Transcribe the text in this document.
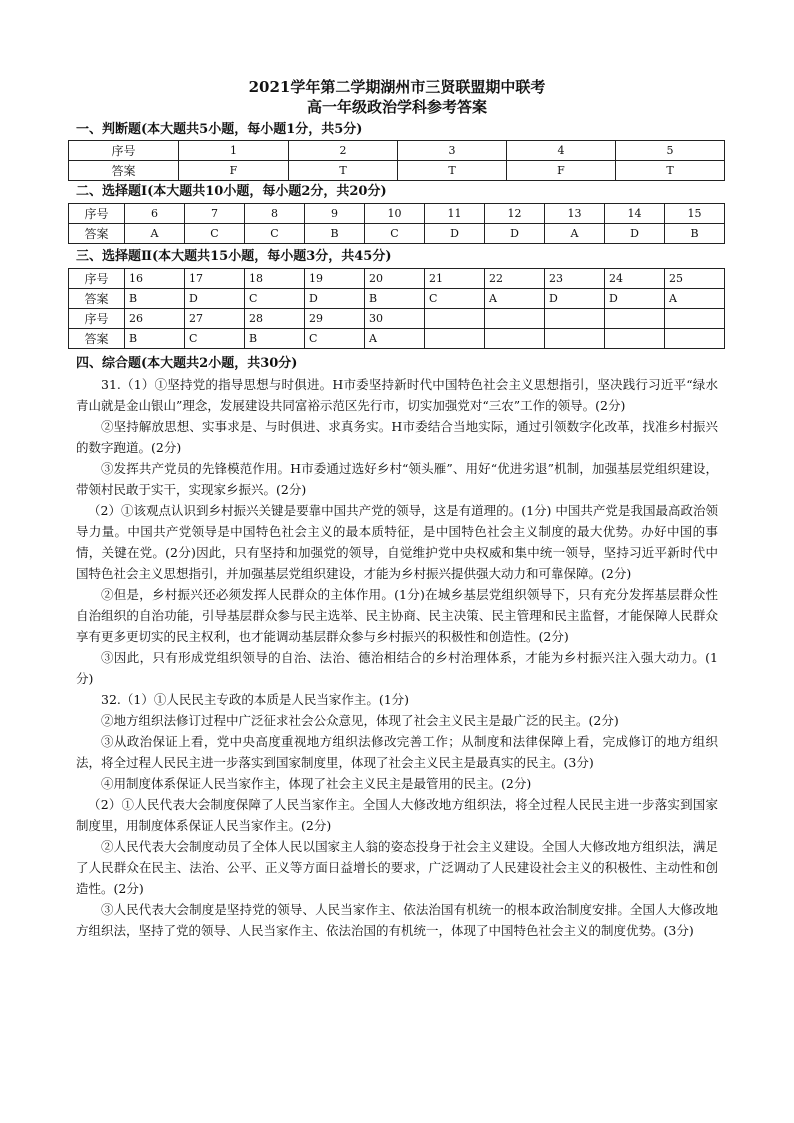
2021学年第二学期湖州市三贤联盟期中联考
高一年级政治学科参考答案
一、判断题(本大题共5小题，每小题1分，共5分)
序号	1	2	3	4	5
答案	F	T	T	F	T
二、选择题Ⅰ(本大题共10小题，每小题2分，共20分)
序号	6	7	8	9	10	11	12	13	14	15
答案	A	C	C	B	C	D	D	A	D	B
三、选择题Ⅱ(本大题共15小题，每小题3分，共45分)
序号	16	17	18	19	20	21	22	23	24	25
答案	B	D	C	D	B	C	A	D	D	A
序号	26	27	28	29	30					
答案	B	C	B	C	A					
四、综合题(本大题共2小题，共30分)

31.（1）①坚持党的指导思想与时俱进。H市委坚持新时代中国特色社会主义思想指引，坚决践行习近平“绿水青山就是金山银山”理念，发展建设共同富裕示范区先行市，切实加强党对“三农”工作的领导。(2分)

②坚持解放思想、实事求是、与时俱进、求真务实。H市委结合当地实际，通过引领数字化改革，找准乡村振兴的数字跑道。(2分)

③发挥共产党员的先锋模范作用。H市委通过选好乡村“领头雁”、用好“优进劣退”机制，加强基层党组织建设，带领村民敢于实干，实现家乡振兴。(2分)

（2）①该观点认识到乡村振兴关键是要靠中国共产党的领导，这是有道理的。(1分) 中国共产党是我国最高政治领导力量。中国共产党领导是中国特色社会主义的最本质特征，是中国特色社会主义制度的最大优势。办好中国的事情，关键在党。(2分)因此，只有坚持和加强党的领导，自觉维护党中央权威和集中统一领导，坚持习近平新时代中国特色社会主义思想指引，并加强基层党组织建设，才能为乡村振兴提供强大动力和可靠保障。(2分)

②但是，乡村振兴还必须发挥人民群众的主体作用。(1分)在城乡基层党组织领导下，只有充分发挥基层群众性自治组织的自治功能，引导基层群众参与民主选举、民主协商、民主决策、民主管理和民主监督，才能保障人民群众享有更多更切实的民主权利，也才能调动基层群众参与乡村振兴的积极性和创造性。(2分)

③因此，只有形成党组织领导的自治、法治、德治相结合的乡村治理体系，才能为乡村振兴注入强大动力。(1分)

32.（1）①人民民主专政的本质是人民当家作主。(1分)

②地方组织法修订过程中广泛征求社会公众意见，体现了社会主义民主是最广泛的民主。(2分)

③从政治保证上看，党中央高度重视地方组织法修改完善工作；从制度和法律保障上看，完成修订的地方组织法，将全过程人民民主进一步落实到国家制度里，体现了社会主义民主是最真实的民主。(3分)

④用制度体系保证人民当家作主，体现了社会主义民主是最管用的民主。(2分)

（2）①人民代表大会制度保障了人民当家作主。全国人大修改地方组织法，将全过程人民民主进一步落实到国家制度里，用制度体系保证人民当家作主。(2分)

②人民代表大会制度动员了全体人民以国家主人翁的姿态投身于社会主义建设。全国人大修改地方组织法，满足了人民群众在民主、法治、公平、正义等方面日益增长的要求，广泛调动了人民建设社会主义的积极性、主动性和创造性。(2分)

③人民代表大会制度是坚持党的领导、人民当家作主、依法治国有机统一的根本政治制度安排。全国人大修改地方组织法，坚持了党的领导、人民当家作主、依法治国的有机统一，体现了中国特色社会主义的制度优势。(3分)
